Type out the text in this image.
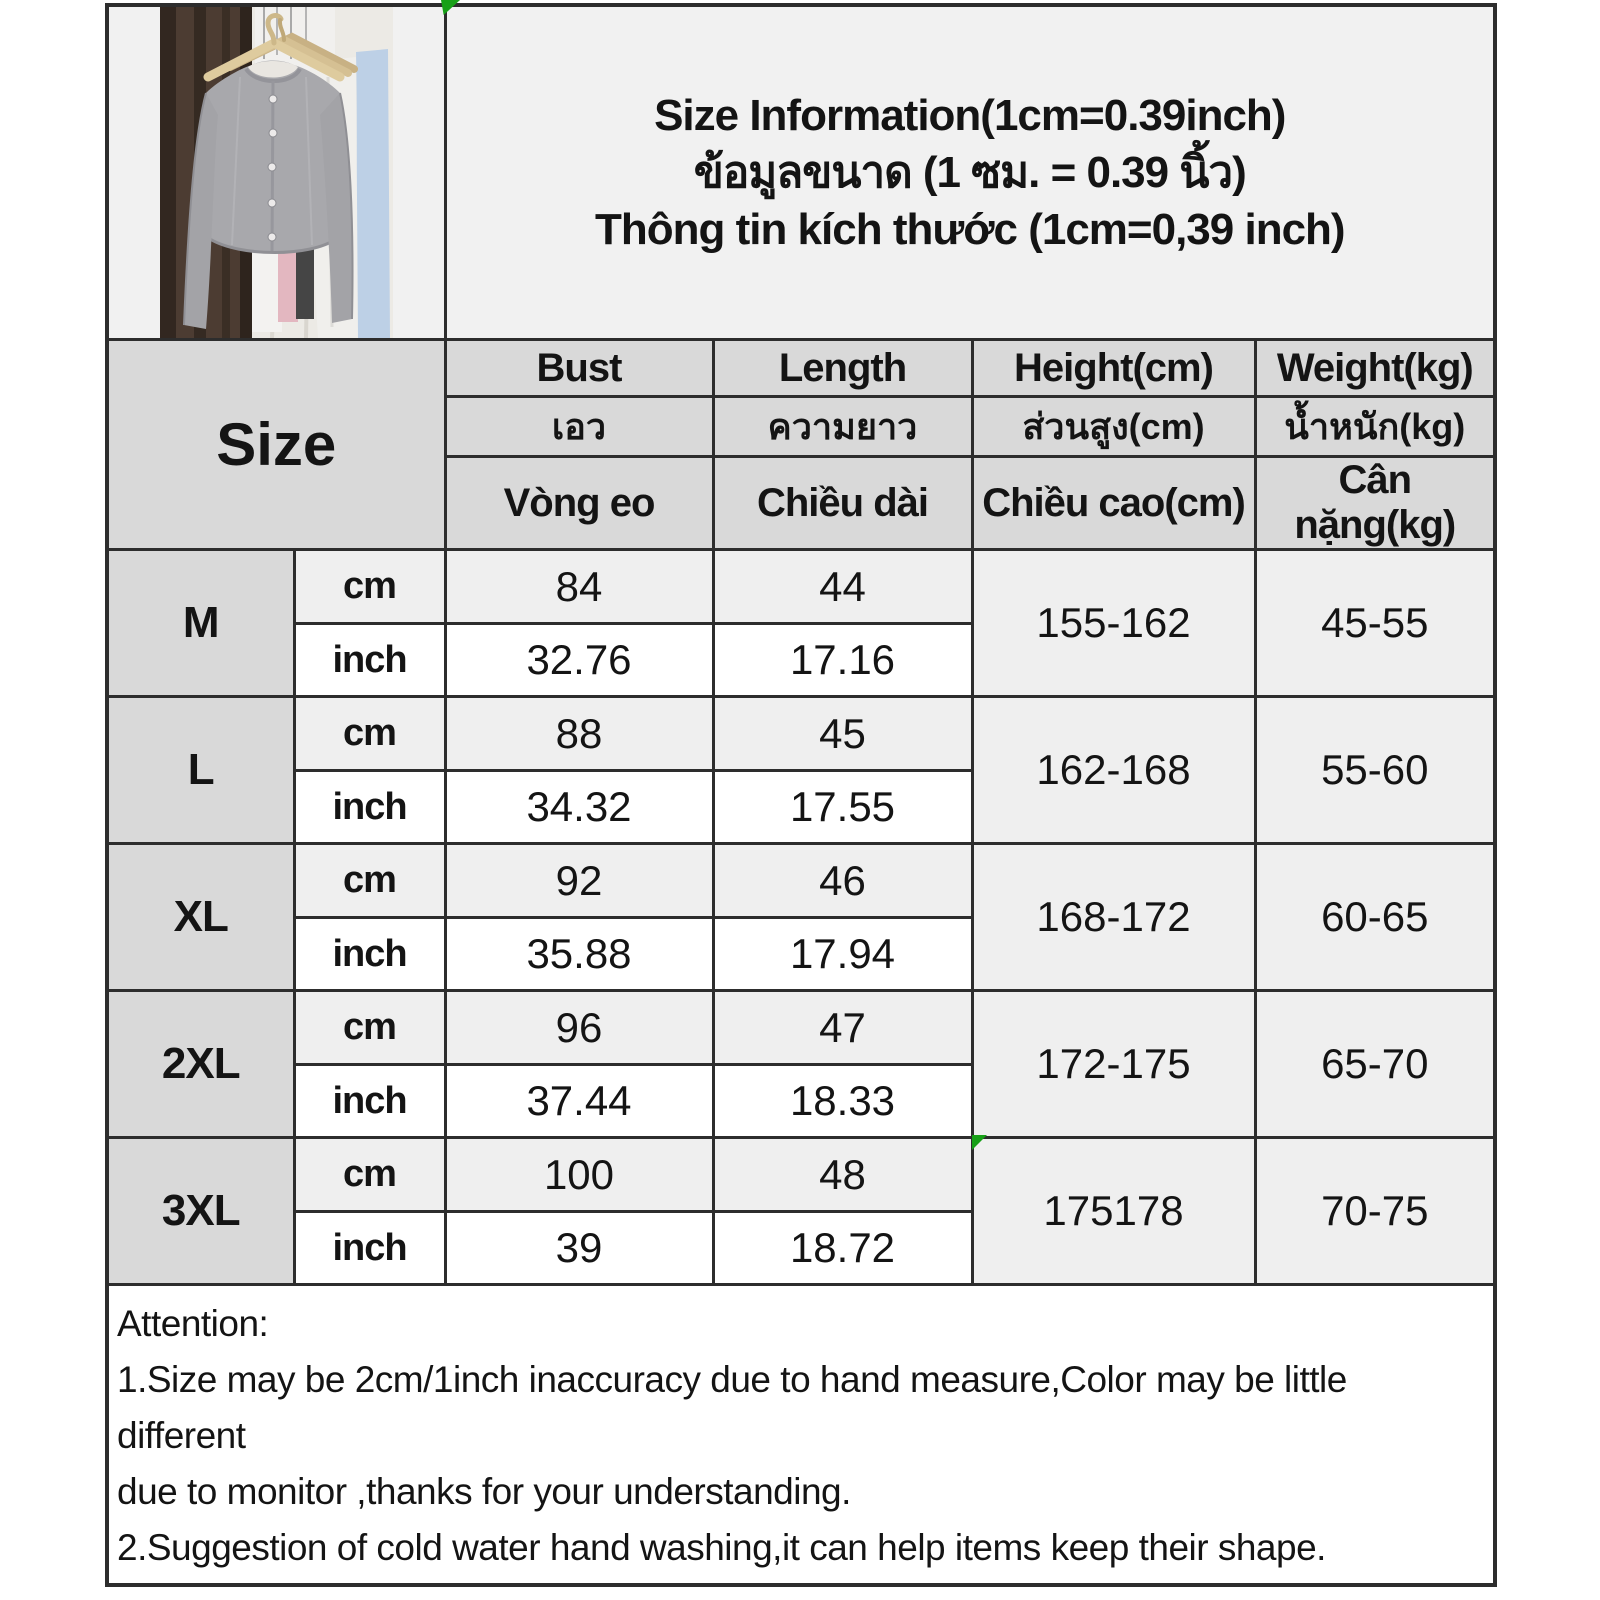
Size Information(1cm=0.39inch)
ข้อมูลขนาด (1 ซม. = 0.39 นิ้ว)
Thông tin kích thước (1cm=0,39 inch)			

Size		Bust	Length	Height(cm)	Weight(kg)
		เอว	ความยาว	ส่วนสูง(cm)	น้ำหนัก(kg)
		Vòng eo	Chiều dài	Chiều cao(cm)	Cân nặng(kg)
M	cm	84	44	155-162	45-55
	inch	32.76	17.16		
L	cm	88	45	162-168	55-60
	inch	34.32	17.55		
XL	cm	92	46	168-172	60-65
	inch	35.88	17.94		
2XL	cm	96	47	172-175	65-70
	inch	37.44	18.33		
3XL	cm	100	48	175178	70-75
	inch	39	18.72		

Attention:
1.Size may be 2cm/1inch inaccuracy due to hand measure,Color may be little different
due to monitor ,thanks for your understanding.
2.Suggestion of cold water hand washing,it can help items keep their shape.					
